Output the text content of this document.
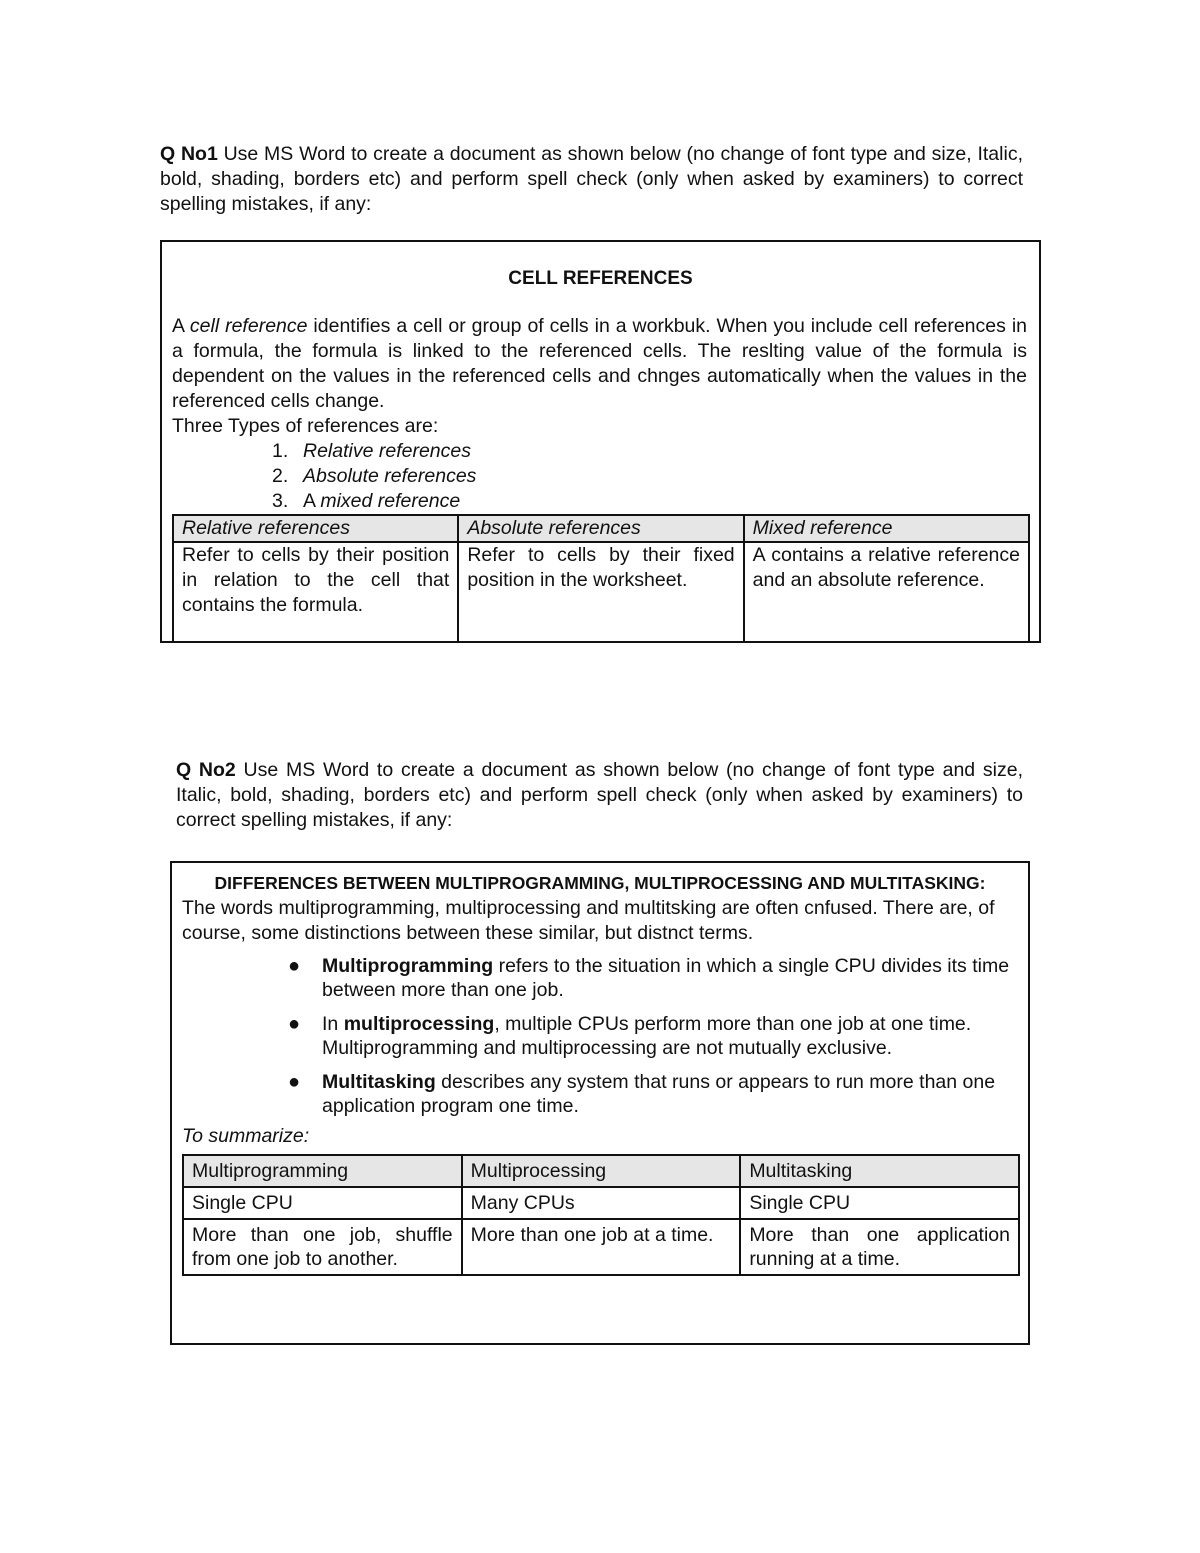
Q No1 Use MS Word to create a document as shown below (no change of font type and size, Italic, bold, shading, borders etc) and perform spell check (only when asked by examiners) to correct spelling mistakes, if any:
CELL REFERENCES
A cell reference identifies a cell or group of cells in a workbuk. When you include cell references in a formula, the formula is linked to the referenced cells. The reslting value of the formula is dependent on the values in the referenced cells and chnges automatically when the values in the referenced cells change.
Three Types of references are:
1. Relative references
2. Absolute references
3. A mixed reference
Relative references	Absolute references	Mixed reference
Refer to cells by their position in relation to the cell that contains the formula.	Refer to cells by their fixed position in the worksheet.	A contains a relative reference and an absolute reference.
Q No2 Use MS Word to create a document as shown below (no change of font type and size, Italic, bold, shading, borders etc) and perform spell check (only when asked by examiners) to correct spelling mistakes, if any:
DIFFERENCES BETWEEN MULTIPROGRAMMING, MULTIPROCESSING AND MULTITASKING:
The words multiprogramming, multiprocessing and multitsking are often cnfused. There are, of course, some distinctions between these similar, but distnct terms.
● Multiprogramming refers to the situation in which a single CPU divides its time between more than one job.
● In multiprocessing, multiple CPUs perform more than one job at one time. Multiprogramming and multiprocessing are not mutually exclusive.
● Multitasking describes any system that runs or appears to run more than one application program one time.
To summarize:
Multiprogramming	Multiprocessing	Multitasking
Single CPU	Many CPUs	Single CPU
More than one job, shuffle from one job to another.	More than one job at a time.	More than one application running at a time.
